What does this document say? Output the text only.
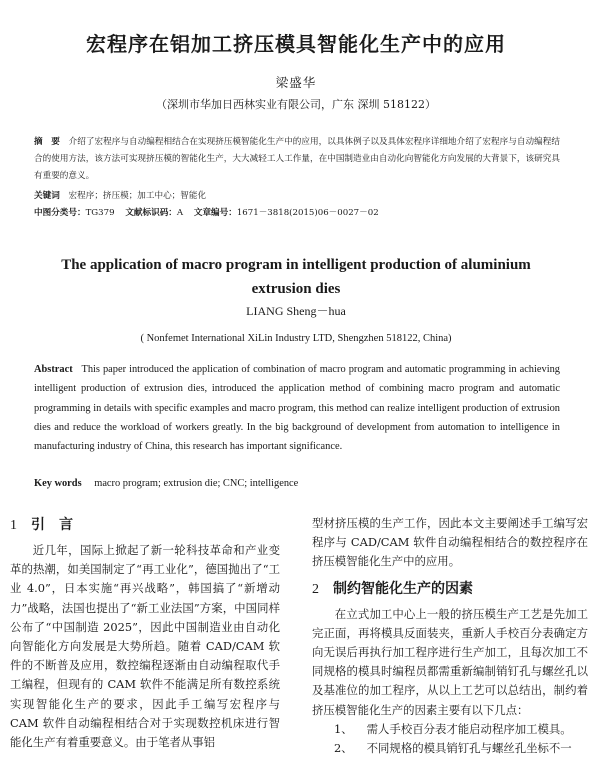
宏程序在铝加工挤压模具智能化生产中的应用
梁盛华
（深圳市华加日西林实业有限公司，广东 深圳 518122）

摘　要 介绍了宏程序与自动编程相结合在实现挤压模智能化生产中的应用，以具体例子以及具体宏程序详细地介绍了宏程序与自动编程结合的使用方法，该方法可实现挤压模的智能化生产，大大减轻工人工作量，在中国制造业由自动化向智能化方向发展的大背景下，该研究具有重要的意义。

关键词 宏程序；挤压模；加工中心；智能化
中图分类号：TG379 文献标识码：A 文章编号：1671－3818(2015)06－0027－02
The application of macro program in intelligent production of aluminium extrusion dies
LIANG Sheng－hua
( Nonfemet International XiLin Industry LTD, Shengzhen 518122, China)

Abstract This paper introduced the application of combination of macro program and automatic programming in achieving intelligent production of extrusion dies, introduced the application method of combining macro program and automatic programming in details with specific examples and macro program, this method can realize intelligent production of extrusion dies and reduce the workload of workers greatly. In the big background of development from automation to intelligence in manufacturing industry of China, this research has important significance.

Key words macro program; extrusion die; CNC; intelligence
1 引　言

近几年，国际上掀起了新一轮科技革命和产业变革的热潮，如美国制定了“再工业化”，德国抛出了“工业 4.0”，日本实施“再兴战略”，韩国搞了“新增动力”战略，法国也提出了“新工业法国”方案，中国同样公布了“中国制造 2025”，因此中国制造业由自动化向智能化方向发展是大势所趋。随着 CAD/CAM 软件的不断普及应用，数控编程逐渐由自动编程取代手工编程，但现有的 CAM 软件不能满足所有数控系统实现智能化生产的要求，因此手工编写宏程序与 CAM 软件自动编程相结合对于实现数控机床进行智能化生产有着重要意义。由于笔者从事铝

型材挤压模的生产工作，因此本文主要阐述手工编写宏程序与 CAD/CAM 软件自动编程相结合的数控程序在挤压模智能化生产中的应用。

2 制约智能化生产的因素

在立式加工中心上一般的挤压模生产工艺是先加工完正面，再将模具反面装夹，重新人手校百分表确定方向无误后再执行加工程序进行生产加工，且每次加工不同规格的模具时编程员都需重新编制销钉孔与螺丝孔以及基准位的加工程序，从以上工艺可以总结出，制约着挤压模智能化生产的因素主要有以下几点：

1、 需人手校百分表才能启动程序加工模具。

2、 不同规格的模具销钉孔与螺丝孔坐标不一
